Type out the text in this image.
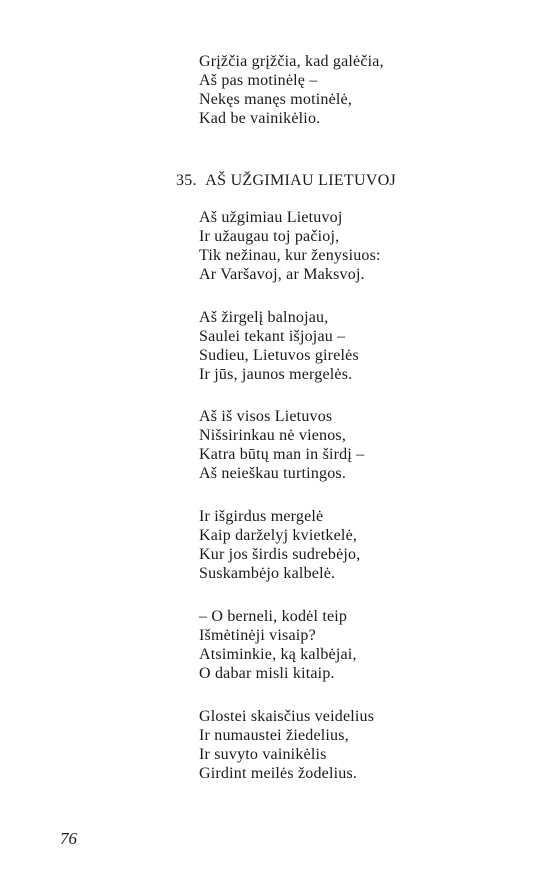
Grįžčia grįžčia, kad galėčia,
Aš pas motinėlę –
Nekęs manęs motinėlė,
Kad be vainikėlio.
35. AŠ UŽGIMIAU LIETUVOJ
Aš užgimiau Lietuvoj
Ir užaugau toj pačioj,
Tik nežinau, kur ženysiuos:
Ar Varšavoj, ar Maksvoj.
Aš žirgelį balnojau,
Saulei tekant išjojau –
Sudieu, Lietuvos girelės
Ir jūs, jaunos mergelės.
Aš iš visos Lietuvos
Nišsirinkau nė vienos,
Katra būtų man in širdį –
Aš neieškau turtingos.
Ir išgirdus mergelė
Kaip darželyj kvietkelė,
Kur jos širdis sudrebėjo,
Suskambėjo kalbelė.
– O berneli, kodėl teip
Išmėtinėji visaip?
Atsiminkie, ką kalbėjai,
O dabar misli kitaip.
Glostei skaisčius veidelius
Ir numaustei žiedelius,
Ir suvyto vainikėlis
Girdint meilės žodelius.
76
